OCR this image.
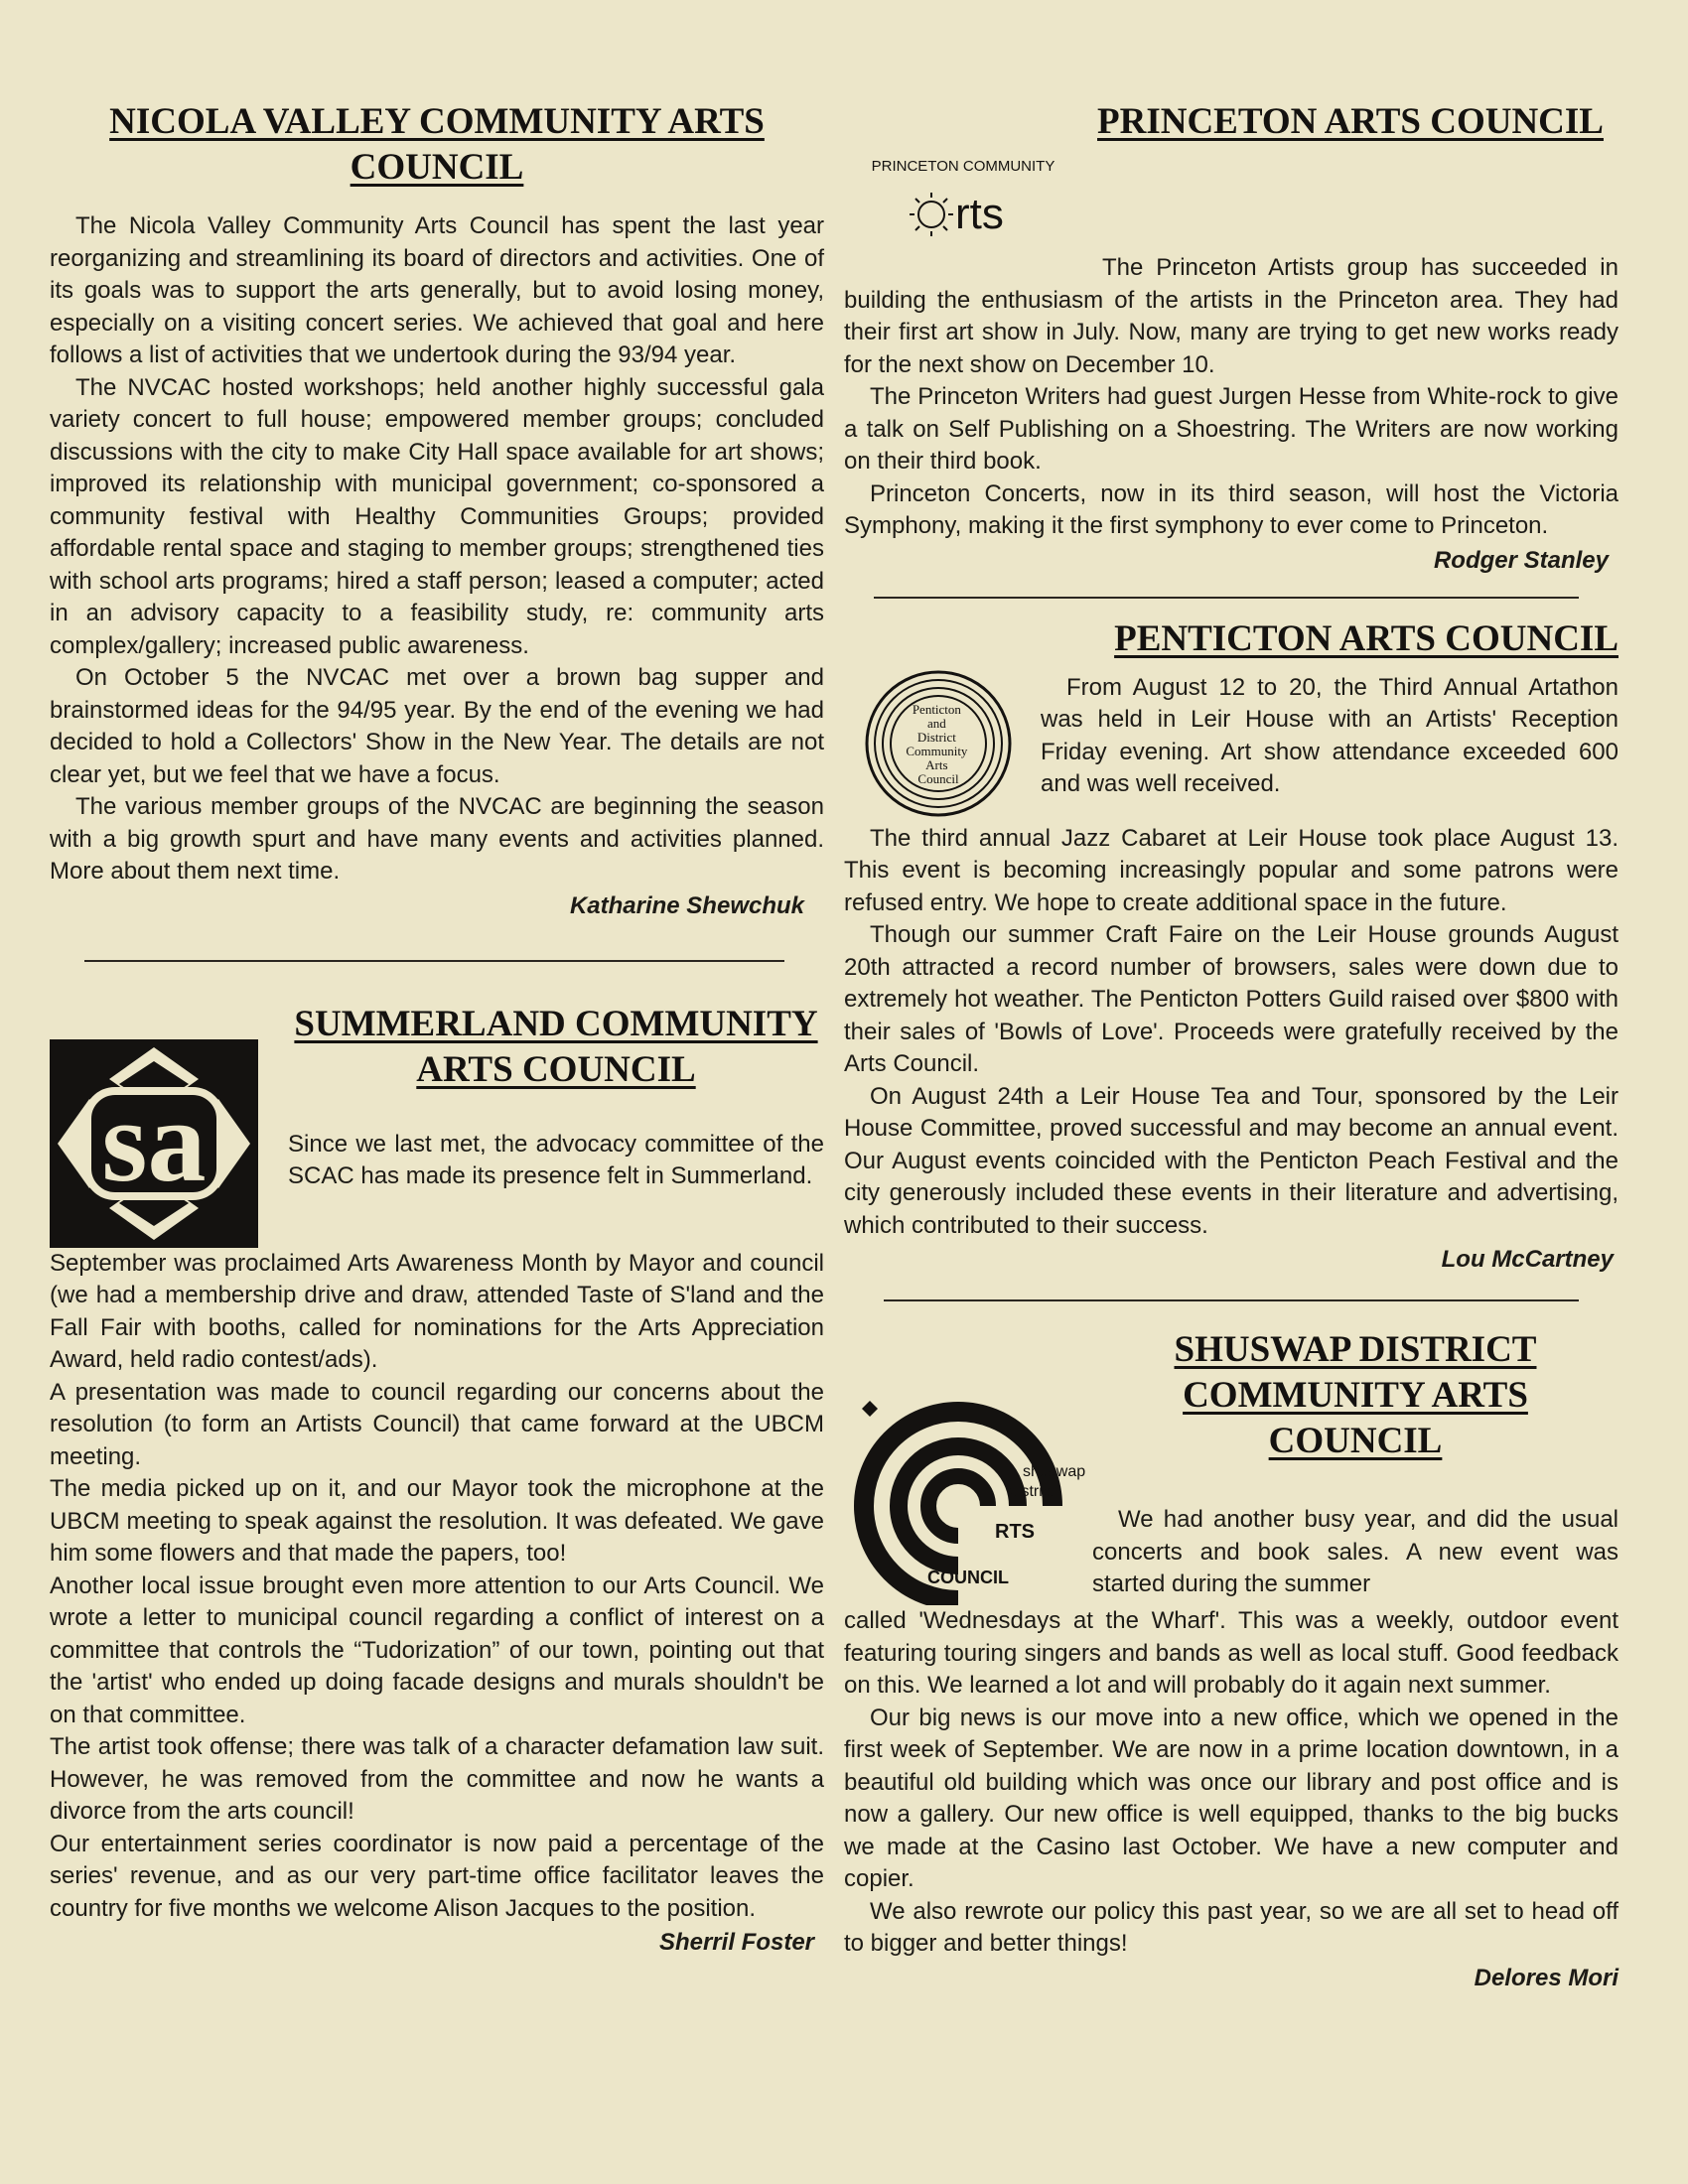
NICOLA VALLEY COMMUNITY ARTS COUNCIL

The Nicola Valley Community Arts Council has spent the last year reorganizing and streamlining its board of directors and activities. One of its goals was to support the arts generally, but to avoid losing money, especially on a visiting concert series. We achieved that goal and here follows a list of activities that we undertook during the 93/94 year.

The NVCAC hosted workshops; held another highly successful gala variety concert to full house; empowered member groups; concluded discussions with the city to make City Hall space available for art shows; improved its relationship with municipal government; co-sponsored a community festival with Healthy Communities Groups; provided affordable rental space and staging to member groups; strengthened ties with school arts programs; hired a staff person; leased a computer; acted in an advisory capacity to a feasibility study, re: community arts complex/gallery; increased public awareness.

On October 5 the NVCAC met over a brown bag supper and brainstormed ideas for the 94/95 year. By the end of the evening we had decided to hold a Collectors' Show in the New Year. The details are not clear yet, but we feel that we have a focus.

The various member groups of the NVCAC are beginning the season with a big growth spurt and have many events and activities planned. More about them next time.

Katharine Shewchuk
sa
SUMMERLAND COMMUNITY ARTS COUNCIL

Since we last met, the advocacy committee of the SCAC has made its presence felt in Summerland.

September was proclaimed Arts Awareness Month by Mayor and council (we had a membership drive and draw, attended Taste of S'land and the Fall Fair with booths, called for nominations for the Arts Appreciation Award, held radio contest/ads).

A presentation was made to council regarding our concerns about the resolution (to form an Artists Council) that came forward at the UBCM meeting.

The media picked up on it, and our Mayor took the microphone at the UBCM meeting to speak against the resolution. It was defeated. We gave him some flowers and that made the papers, too!

Another local issue brought even more attention to our Arts Council. We wrote a letter to municipal council regarding a conflict of interest on a committee that controls the “Tudorization” of our town, pointing out that the 'artist' who ended up doing facade designs and murals shouldn't be on that committee.

The artist took offense; there was talk of a character defamation law suit. However, he was removed from the committee and now he wants a divorce from the arts council!

Our entertainment series coordinator is now paid a percentage of the series' revenue, and as our very part-time office facilitator leaves the country for five months we welcome Alison Jacques to the position.

Sherril Foster
PRINCETON COMMUNITY
rts
PRINCETON ARTS COUNCIL

The Princeton Artists group has succeeded in building the enthusiasm of the artists in the Princeton area. They had their first art show in July. Now, many are trying to get new works ready for the next show on December 10.

The Princeton Writers had guest Jurgen Hesse from White-rock to give a talk on Self Publishing on a Shoestring. The Writers are now working on their third book.

Princeton Concerts, now in its third season, will host the Victoria Symphony, making it the first symphony to ever come to Princeton.

Rodger Stanley
PENTICTON ARTS COUNCIL
Penticton and District Community Arts Council

From August 12 to 20, the Third Annual Artathon was held in Leir House with an Artists' Reception Friday evening. Art show attendance exceeded 600 and was well received.

The third annual Jazz Cabaret at Leir House took place August 13. This event is becoming increasingly popular and some patrons were refused entry. We hope to create additional space in the future.

Though our summer Craft Faire on the Leir House grounds August 20th attracted a record number of browsers, sales were down due to extremely hot weather. The Penticton Potters Guild raised over $800 with their sales of 'Bowls of Love'. Proceeds were gratefully received by the Arts Council.

On August 24th a Leir House Tea and Tour, sponsored by the Leir House Committee, proved successful and may become an annual event. Our August events coincided with the Penticton Peach Festival and the city generously included these events in their literature and advertising, which contributed to their success.

Lou McCartney
shuswap
district
RTS
COUNCIL
SHUSWAP DISTRICT COMMUNITY ARTS COUNCIL

We had another busy year, and did the usual concerts and book sales. A new event was started during the summer

called 'Wednesdays at the Wharf'. This was a weekly, outdoor event featuring touring singers and bands as well as local stuff. Good feedback on this. We learned a lot and will probably do it again next summer.

Our big news is our move into a new office, which we opened in the first week of September. We are now in a prime location downtown, in a beautiful old building which was once our library and post office and is now a gallery. Our new office is well equipped, thanks to the big bucks we made at the Casino last October. We have a new computer and copier.

We also rewrote our policy this past year, so we are all set to head off to bigger and better things!

Delores Mori
